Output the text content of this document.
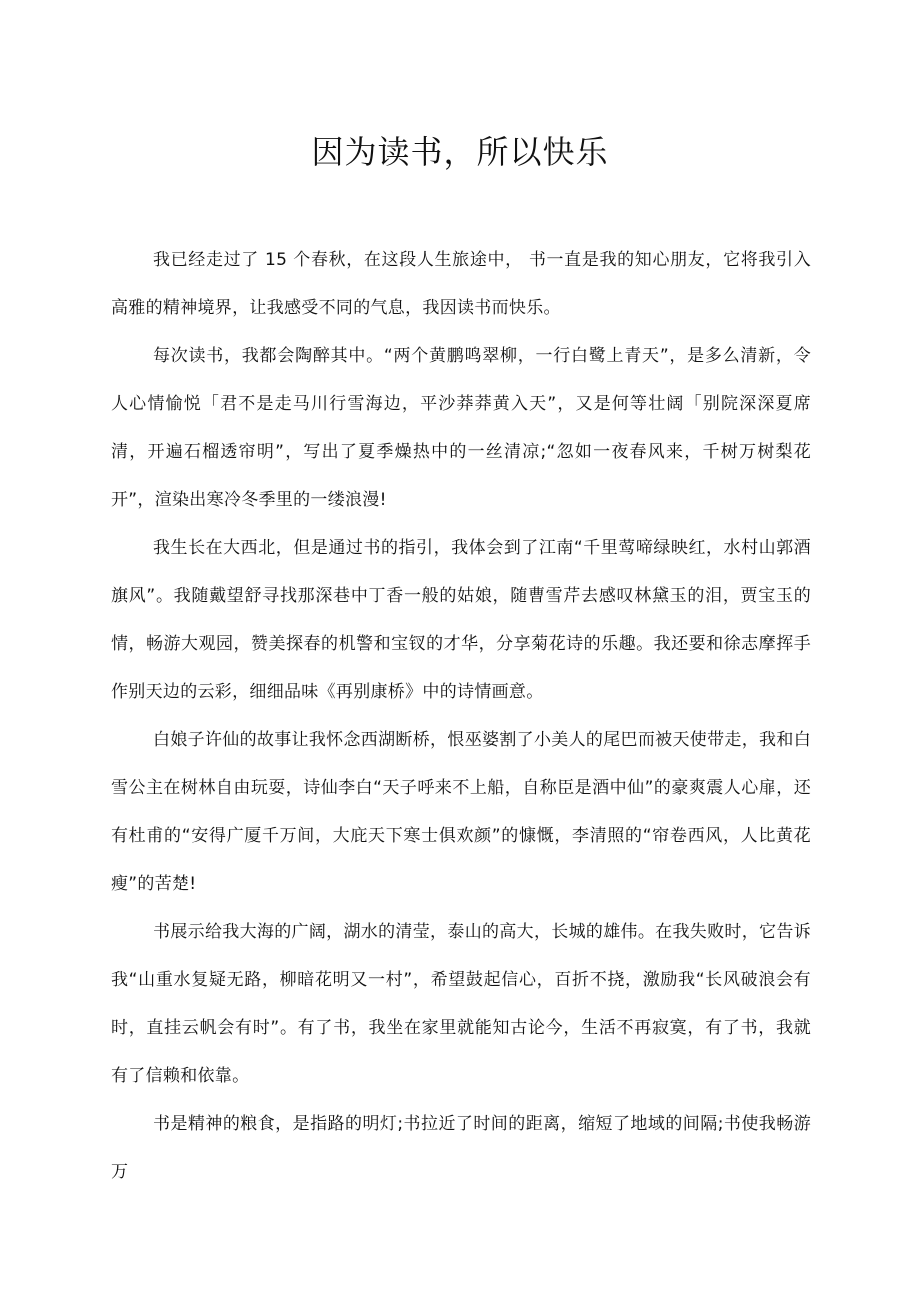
因为读书，所以快乐

我已经走过了 15 个春秋，在这段人生旅途中， 书一直是我的知心朋友，它将我引入高雅的精神境界，让我感受不同的气息，我因读书而快乐。

每次读书，我都会陶醉其中。“两个黄鹏鸣翠柳，一行白鹭上青天”，是多么清新，令人心情愉悦「君不是走马川行雪海边，平沙莽莽黄入天”，又是何等壮阔「别院深深夏席清，开遍石榴透帘明”，写出了夏季燥热中的一丝清凉;“忽如一夜春风来，千树万树梨花开”，渲染出寒冷冬季里的一缕浪漫!

我生长在大西北，但是通过书的指引，我体会到了江南“千里莺啼绿映红，水村山郭酒旗风”。我随戴望舒寻找那深巷中丁香一般的姑娘，随曹雪芹去感叹林黛玉的泪，贾宝玉的情，畅游大观园，赞美探春的机警和宝钗的才华，分享菊花诗的乐趣。我还要和徐志摩挥手作别天边的云彩，细细品味《再别康桥》中的诗情画意。

白娘子许仙的故事让我怀念西湖断桥，恨巫婆割了小美人的尾巴而被天使带走，我和白雪公主在树林自由玩耍，诗仙李白“天子呼来不上船，自称臣是酒中仙”的豪爽震人心扉，还有杜甫的“安得广厦千万间，大庇天下寒士俱欢颜”的慷慨，李清照的“帘卷西风，人比黄花瘦”的苦楚!

书展示给我大海的广阔，湖水的清莹，泰山的高大，长城的雄伟。在我失败时，它告诉我“山重水复疑无路，柳暗花明又一村”，希望鼓起信心，百折不挠，激励我“长风破浪会有时，直挂云帆会有时”。有了书，我坐在家里就能知古论今，生活不再寂寞，有了书，我就有了信赖和依靠。

书是精神的粮食，是指路的明灯;书拉近了时间的距离，缩短了地域的间隔;书使我畅游万
